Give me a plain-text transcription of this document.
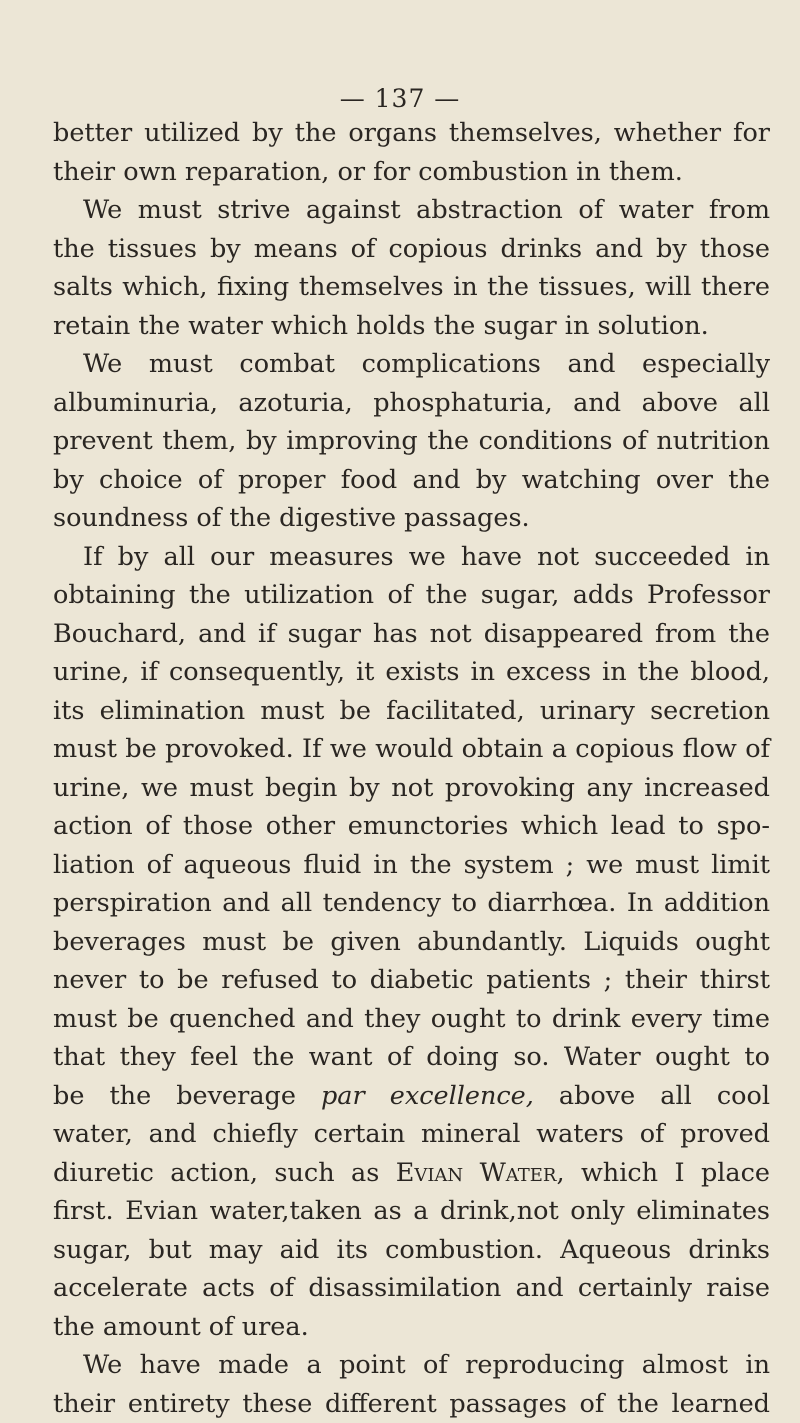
— 137 —
better utilized by the organs themselves, whether for
their own reparation, or for combustion in them.
We must strive against abstraction of water from
the tissues by means of copious drinks and by those
salts which, fixing themselves in the tissues, will there
retain the water which holds the sugar in solution.
We must combat complications and especially
albuminuria, azoturia, phosphaturia, and above all
prevent them, by improving the conditions of nutrition
by choice of proper food and by watching over the
soundness of the digestive passages.
If by all our measures we have not succeeded in
obtaining the utilization of the sugar, adds Professor
Bouchard, and if sugar has not disappeared from the
urine, if consequently, it exists in excess in the blood,
its elimination must be facilitated, urinary secretion
must be provoked. If we would obtain a copious flow of
urine, we must begin by not provoking any increased
action of those other emunctories which lead to spo-
liation of aqueous fluid in the system ; we must limit
perspiration and all tendency to diarrhœa. In addition
beverages must be given abundantly. Liquids ought
never to be refused to diabetic patients ; their thirst
must be quenched and they ought to drink every time
that they feel the want of doing so. Water ought to
be the beverage par excellence, above all cool
water, and chiefly certain mineral waters of proved
diuretic action, such as Evian Water, which I place
first. Evian water,taken as a drink,not only eliminates
sugar, but may aid its combustion. Aqueous drinks
accelerate acts of disassimilation and certainly raise
the amount of urea.
We have made a point of reproducing almost in
their entirety these different passages of the learned
